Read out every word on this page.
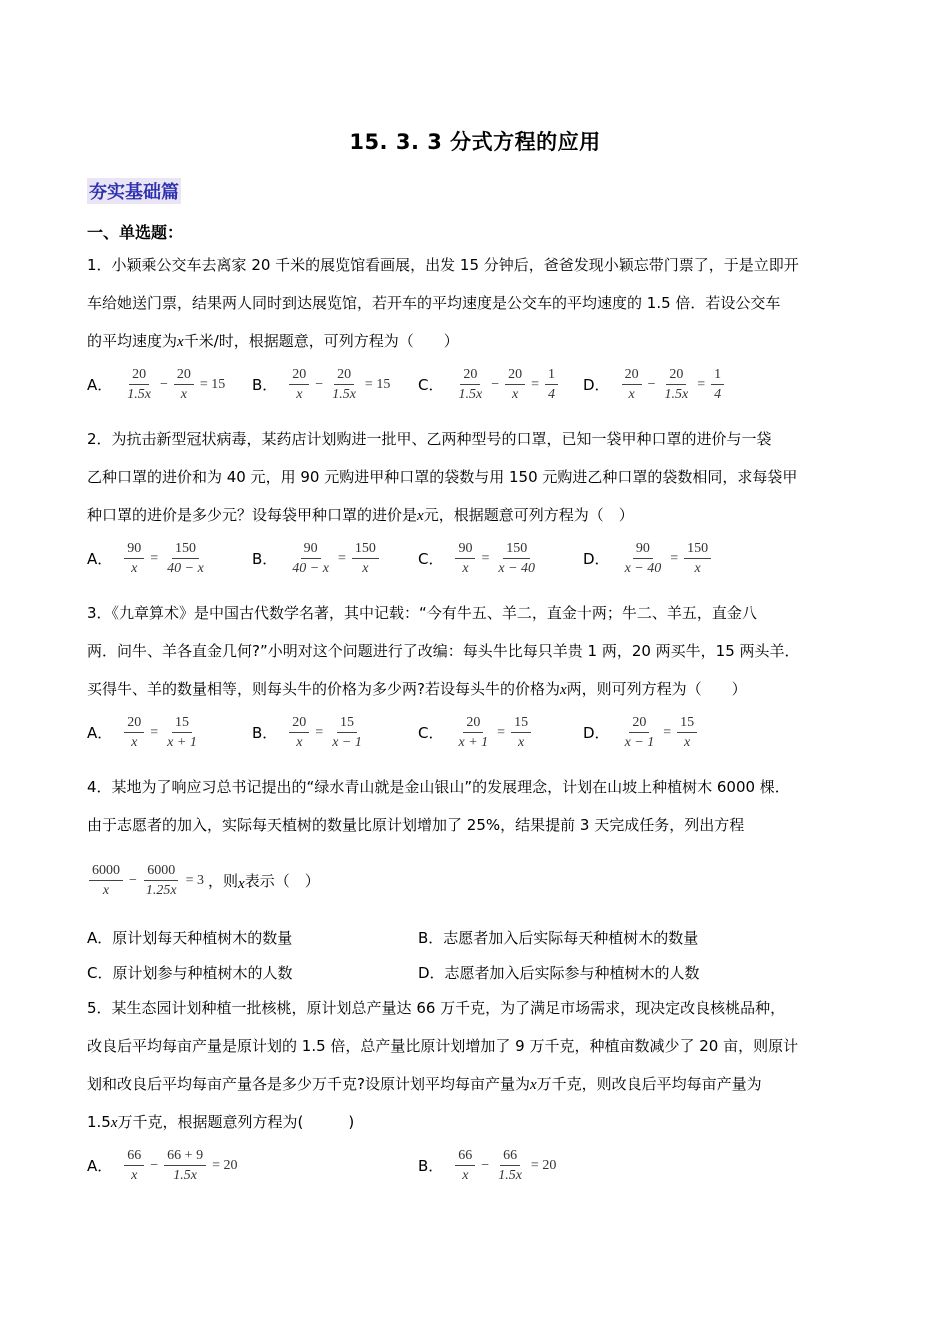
15. 3. 3 分式方程的应用
夯实基础篇
一、单选题：
1．小颖乘公交车去离家 20 千米的展览馆看画展，出发 15 分钟后，爸爸发现小颖忘带门票了，于是立即开
车给她送门票，结果两人同时到达展览馆，若开车的平均速度是公交车的平均速度的 1.5 倍．若设公交车
的平均速度为x千米/时，根据题意，可列方程为（　　）
A． $\frac{20}{1.5x} - \frac{20}{x} = 15$ B． $\frac{20}{x} - \frac{20}{1.5x} = 15$ C． $\frac{20}{1.5x} - \frac{20}{x} = \frac{1}{4}$ D． $\frac{20}{x} - \frac{20}{1.5x} = \frac{1}{4}$
2．为抗击新型冠状病毒，某药店计划购进一批甲、乙两种型号的口罩，已知一袋甲种口罩的进价与一袋
乙种口罩的进价和为 40 元，用 90 元购进甲种口罩的袋数与用 150 元购进乙种口罩的袋数相同，求每袋甲
种口罩的进价是多少元？设每袋甲种口罩的进价是x元，根据题意可列方程为（　）
A． $\frac{90}{x} = \frac{150}{40 - x}$	B． $\frac{90}{40 - x} = \frac{150}{x}$	C． $\frac{90}{x} = \frac{150}{x - 40}$	D． $\frac{90}{x - 40} = \frac{150}{x}$
3．《九章算术》是中国古代数学名著，其中记载：“今有牛五、羊二，直金十两；牛二、羊五，直金八
两．问牛、羊各直金几何?”小明对这个问题进行了改编：每头牛比每只羊贵 1 两，20 两买牛，15 两头羊．
买得牛、羊的数量相等，则每头牛的价格为多少两?若设每头牛的价格为x两，则可列方程为（　　）
A． $\frac{20}{x} = \frac{15}{x + 1}$	B． $\frac{20}{x} = \frac{15}{x - 1}$	C． $\frac{20}{x + 1} = \frac{15}{x}$	D． $\frac{20}{x - 1} = \frac{15}{x}$
4．某地为了响应习总书记提出的“绿水青山就是金山银山”的发展理念，计划在山坡上种植树木 6000 棵．
由于志愿者的加入，实际每天植树的数量比原计划增加了 25%，结果提前 3 天完成任务，列出方程
$\frac{6000}{x} - \frac{6000}{1.25x} = 3$ ，则 x 表示（　）
A．原计划每天种植树木的数量	B．志愿者加入后实际每天种植树木的数量
C．原计划参与种植树木的人数	D．志愿者加入后实际参与种植树木的人数
5．某生态园计划种植一批核桃，原计划总产量达 66 万千克，为了满足市场需求，现决定改良核桃品种，
改良后平均每亩产量是原计划的 1.5 倍，总产量比原计划增加了 9 万千克，种植亩数减少了 20 亩，则原计
划和改良后平均每亩产量各是多少万千克?设原计划平均每亩产量为x万千克，则改良后平均每亩产量为
1.5x万千克，根据题意列方程为(　　　)
A． $\frac{66}{x} - \frac{66 + 9}{1.5x} = 20$	B． $\frac{66}{x} - \frac{66}{1.5x} = 20$
